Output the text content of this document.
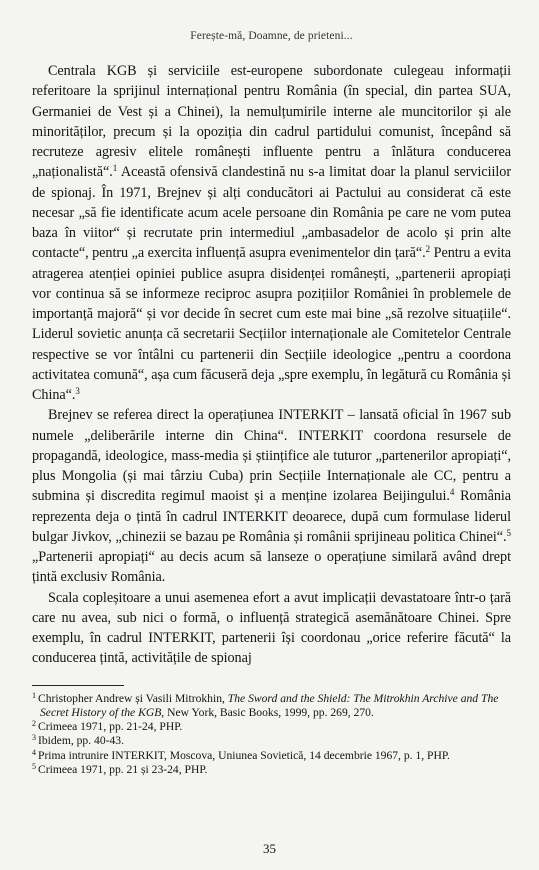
Ferește-mă, Doamne, de prieteni...

Centrala KGB și serviciile est-europene subordonate culegeau informații referitoare la sprijinul internațional pentru România (în special, din partea SUA, Germaniei de Vest și a Chinei), la nemulțumirile interne ale muncitorilor și ale minorităților, precum și la opoziția din cadrul partidului comunist, începând să recruteze agresiv elitele românești influente pentru a înlătura conducerea „naționalistă“.$^1$ Această ofensivă clandestină nu s-a limitat doar la planul serviciilor de spionaj. În 1971, Brejnev și alți conducători ai Pactului au considerat că este necesar „să fie identificate acum acele persoane din România pe care ne vom putea baza în viitor“ și recrutate prin intermediul „ambasadelor de acolo și prin alte contacte“, pentru „a exercita influență asupra evenimentelor din țară“.$^2$ Pentru a evita atragerea atenției opiniei publice asupra disidenței românești, „partenerii apropiați vor continua să se informeze reciproc asupra pozițiilor României în problemele de importanță majoră“ și vor decide în secret cum este mai bine „să rezolve situațiile“. Liderul sovietic anunța că secretarii Secțiilor internaționale ale Comitetelor Centrale respective se vor întâlni cu partenerii din Secțiile ideologice „pentru a coordona activitatea comună“, așa cum făcuseră deja „spre exemplu, în legătură cu România și China“.$^3$

Brejnev se referea direct la operațiunea INTERKIT – lansată oficial în 1967 sub numele „deliberările interne din China“. INTERKIT coordona resursele de propagandă, ideologice, mass-media și științifice ale tuturor „partenerilor apropiați“, plus Mongolia (și mai târziu Cuba) prin Secțiile Internaționale ale CC, pentru a submina și discredita regimul maoist și a menține izolarea Beijingului.$^4$ România reprezenta deja o țintă în cadrul INTERKIT deoarece, după cum formulase liderul bulgar Jivkov, „chinezii se bazau pe România și românii sprijineau politica Chinei“.$^5$ „Partenerii apropiați“ au decis acum să lanseze o operațiune similară având drept țintă exclusiv România.

Scala copleșitoare a unui asemenea efort a avut implicații devastatoare într-o țară care nu avea, sub nici o formă, o influență strategică asemănătoare Chinei. Spre exemplu, în cadrul INTERKIT, partenerii își coordonau „orice referire făcută“ la conducerea țintă, activitățile de spionaj

$^1$ Christopher Andrew și Vasili Mitrokhin, The Sword and the Shield: The Mitrokhin Archive and The Secret History of the KGB, New York, Basic Books, 1999, pp. 269, 270.
$^2$ Crimeea 1971, pp. 21-24, PHP.
$^3$ Ibidem, pp. 40-43.
$^4$ Prima intrunire INTERKIT, Moscova, Uniunea Sovietică, 14 decembrie 1967, p. 1, PHP.
$^5$ Crimeea 1971, pp. 21 și 23-24, PHP.
35
